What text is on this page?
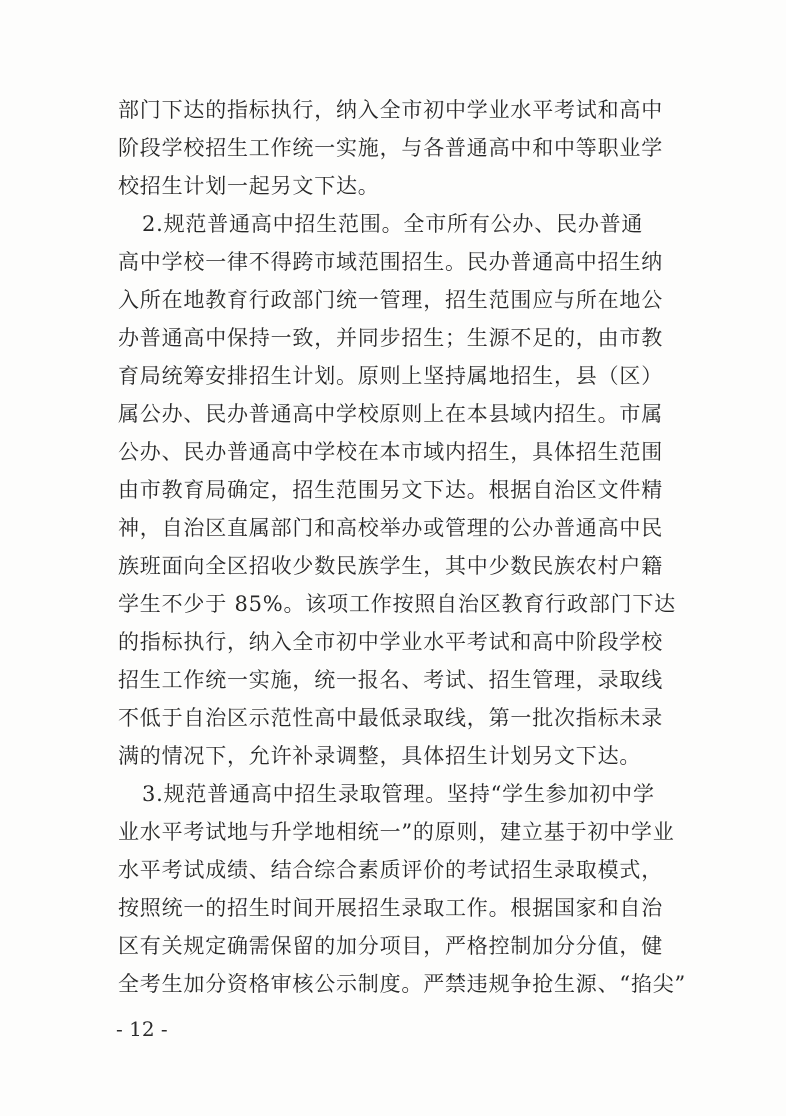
部门下达的指标执行，纳入全市初中学业水平考试和高中

阶段学校招生工作统一实施，与各普通高中和中等职业学

校招生计划一起另文下达。

2.规范普通高中招生范围。全市所有公办、民办普通

高中学校一律不得跨市域范围招生。民办普通高中招生纳

入所在地教育行政部门统一管理，招生范围应与所在地公

办普通高中保持一致，并同步招生；生源不足的，由市教

育局统筹安排招生计划。原则上坚持属地招生，县（区）

属公办、民办普通高中学校原则上在本县域内招生。市属

公办、民办普通高中学校在本市域内招生，具体招生范围

由市教育局确定，招生范围另文下达。根据自治区文件精

神，自治区直属部门和高校举办或管理的公办普通高中民

族班面向全区招收少数民族学生，其中少数民族农村户籍

学生不少于 85%。该项工作按照自治区教育行政部门下达

的指标执行，纳入全市初中学业水平考试和高中阶段学校

招生工作统一实施，统一报名、考试、招生管理，录取线

不低于自治区示范性高中最低录取线，第一批次指标未录

满的情况下，允许补录调整，具体招生计划另文下达。

3.规范普通高中招生录取管理。坚持“学生参加初中学

业水平考试地与升学地相统一”的原则，建立基于初中学业

水平考试成绩、结合综合素质评价的考试招生录取模式，

按照统一的招生时间开展招生录取工作。根据国家和自治

区有关规定确需保留的加分项目，严格控制加分分值，健

全考生加分资格审核公示制度。严禁违规争抢生源、“掐尖”

- 12 -
